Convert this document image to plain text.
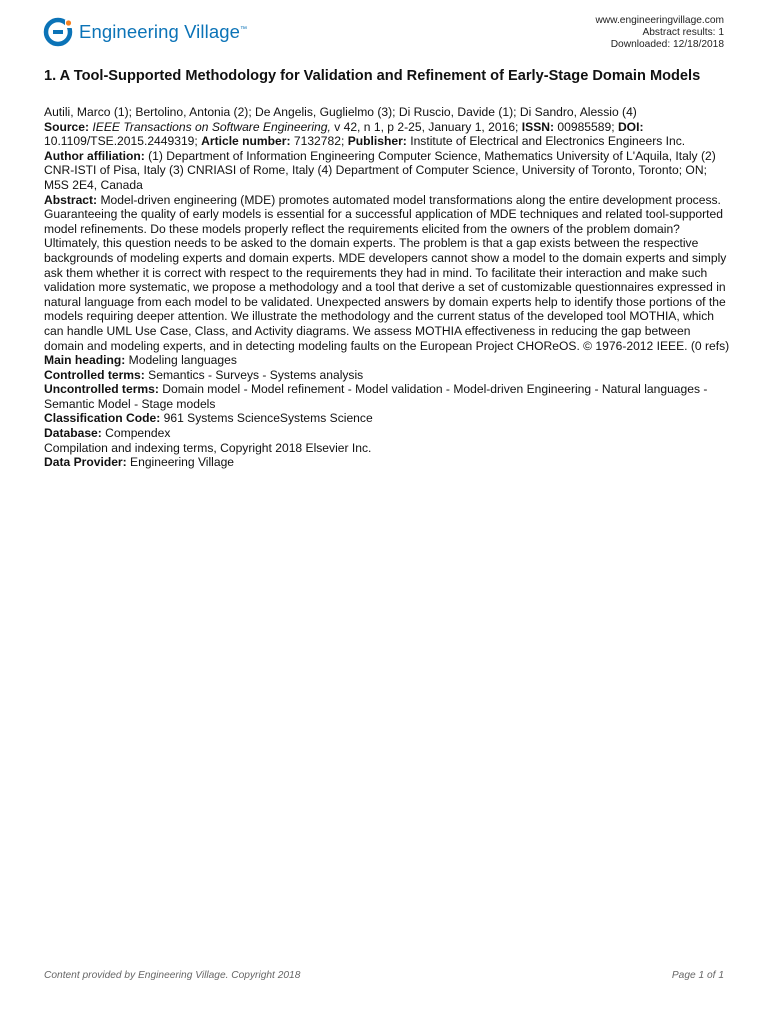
Engineering Village™
www.engineeringvillage.com
Abstract results: 1
Downloaded: 12/18/2018
1. A Tool-Supported Methodology for Validation and Refinement of Early-Stage Domain Models

Autili, Marco (1); Bertolino, Antonia (2); De Angelis, Guglielmo (3); Di Ruscio, Davide (1); Di Sandro, Alessio (4)

Source: IEEE Transactions on Software Engineering, v 42, n 1, p 2-25, January 1, 2016; ISSN: 00985589; DOI: 10.1109/TSE.2015.2449319; Article number: 7132782; Publisher: Institute of Electrical and Electronics Engineers Inc.

Author affiliation: (1) Department of Information Engineering Computer Science, Mathematics University of L'Aquila, Italy (2) CNR-ISTI of Pisa, Italy (3) CNRIASI of Rome, Italy (4) Department of Computer Science, University of Toronto, Toronto; ON; M5S 2E4, Canada

Abstract: Model-driven engineering (MDE) promotes automated model transformations along the entire development process. Guaranteeing the quality of early models is essential for a successful application of MDE techniques and related tool-supported model refinements. Do these models properly reflect the requirements elicited from the owners of the problem domain? Ultimately, this question needs to be asked to the domain experts. The problem is that a gap exists between the respective backgrounds of modeling experts and domain experts. MDE developers cannot show a model to the domain experts and simply ask them whether it is correct with respect to the requirements they had in mind. To facilitate their interaction and make such validation more systematic, we propose a methodology and a tool that derive a set of customizable questionnaires expressed in natural language from each model to be validated. Unexpected answers by domain experts help to identify those portions of the models requiring deeper attention. We illustrate the methodology and the current status of the developed tool MOTHIA, which can handle UML Use Case, Class, and Activity diagrams. We assess MOTHIA effectiveness in reducing the gap between domain and modeling experts, and in detecting modeling faults on the European Project CHOReOS. © 1976-2012 IEEE. (0 refs)

Main heading: Modeling languages

Controlled terms: Semantics - Surveys - Systems analysis

Uncontrolled terms: Domain model - Model refinement - Model validation - Model-driven Engineering - Natural languages - Semantic Model - Stage models

Classification Code: 961 Systems ScienceSystems Science

Database: Compendex

Compilation and indexing terms, Copyright 2018 Elsevier Inc.

Data Provider: Engineering Village

Content provided by Engineering Village. Copyright 2018	Page 1 of 1
